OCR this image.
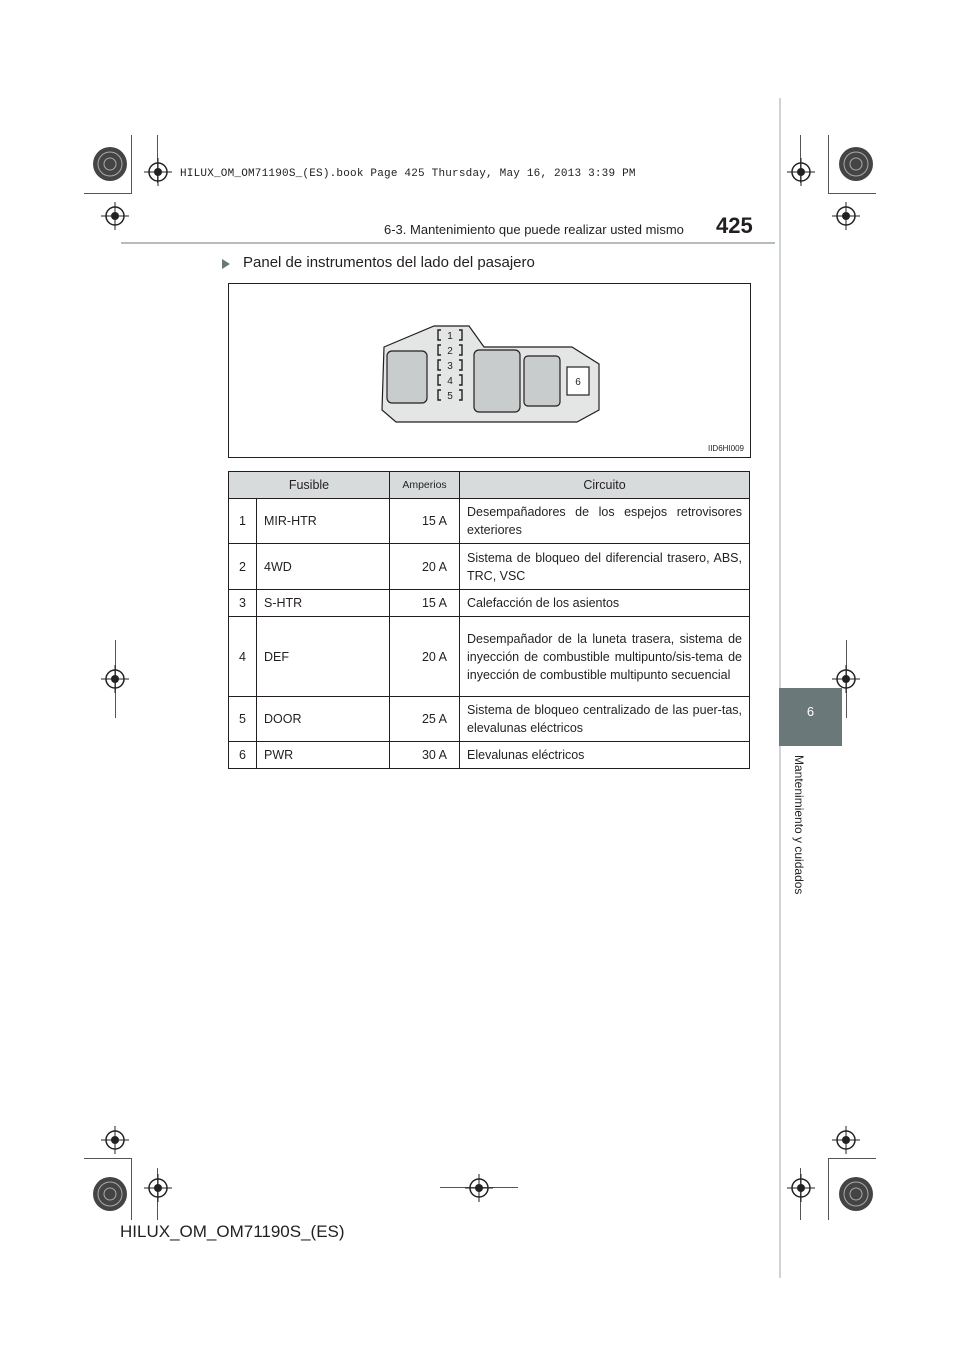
HILUX_OM_OM71190S_(ES).book Page 425 Thursday, May 16, 2013 3:39 PM
6-3. Mantenimiento que puede realizar usted mismo 425
6
Mantenimiento y cuidados
Panel de instrumentos del lado del pasajero
1
2
3
4
5
6
IID6HI009
Fusible		Amperios	Circuito
1	MIR-HTR	15 A	Desempañadores de los espejos retrovisores exteriores
2	4WD	20 A	Sistema de bloqueo del diferencial trasero, ABS, TRC, VSC
3	S-HTR	15 A	Calefacción de los asientos
4	DEF	20 A	Desempañador de la luneta trasera, sistema de inyección de combustible multipunto/sis-tema de inyección de combustible multipunto secuencial
5	DOOR	25 A	Sistema de bloqueo centralizado de las puer-tas, elevalunas eléctricos
6	PWR	30 A	Elevalunas eléctricos
HILUX_OM_OM71190S_(ES)
